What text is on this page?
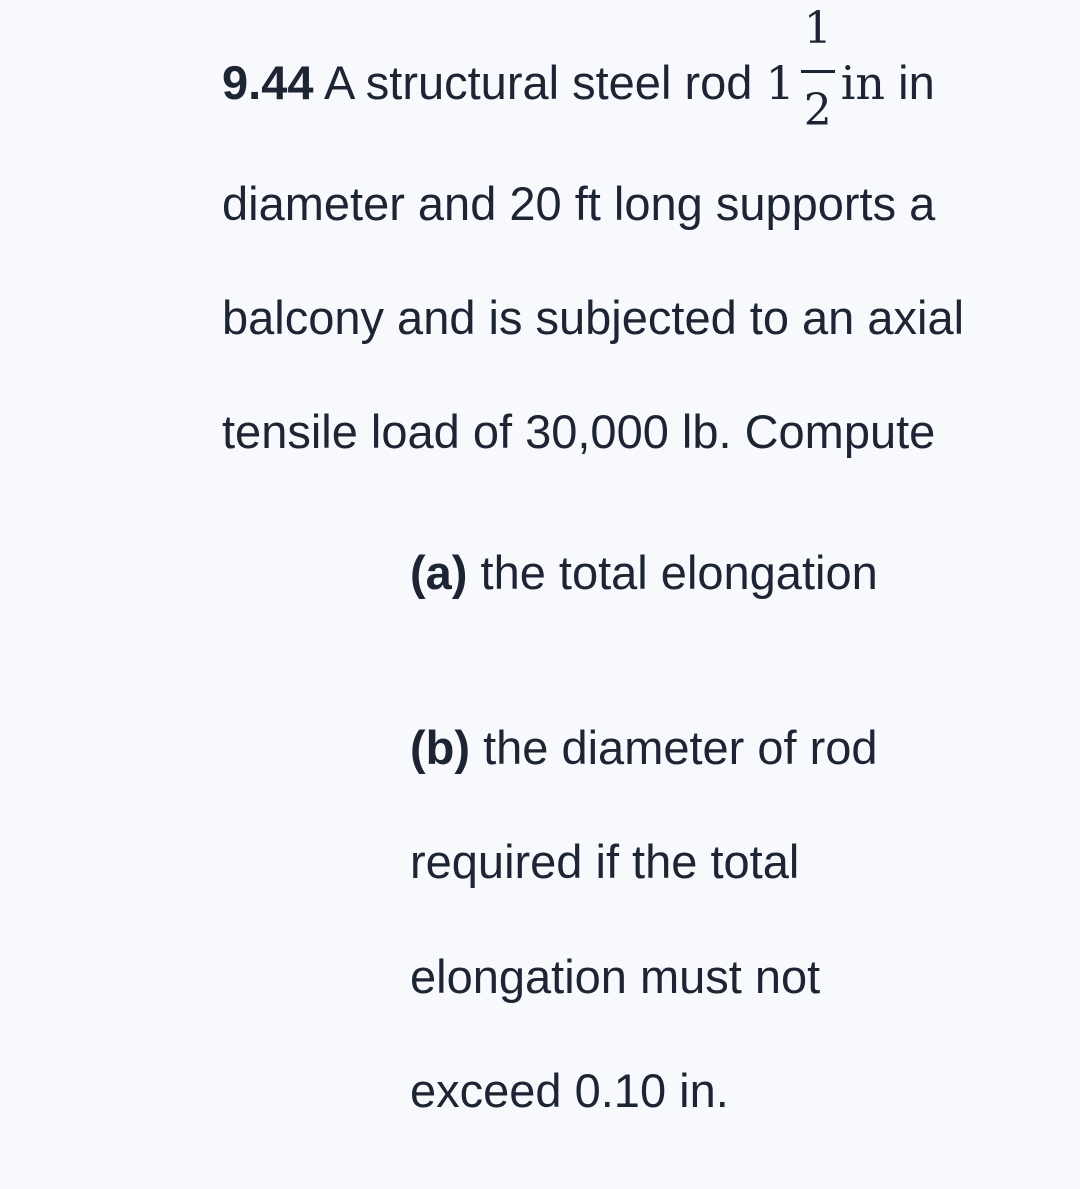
9.44 A structural steel rod $1 \frac{1}{2}$ in in
diameter and 20 ft long supports a
balcony and is subjected to an axial
tensile load of 30,000 lb. Compute
(a) the total elongation
(b) the diameter of rod
required if the total
elongation must not
exceed 0.10 in.
